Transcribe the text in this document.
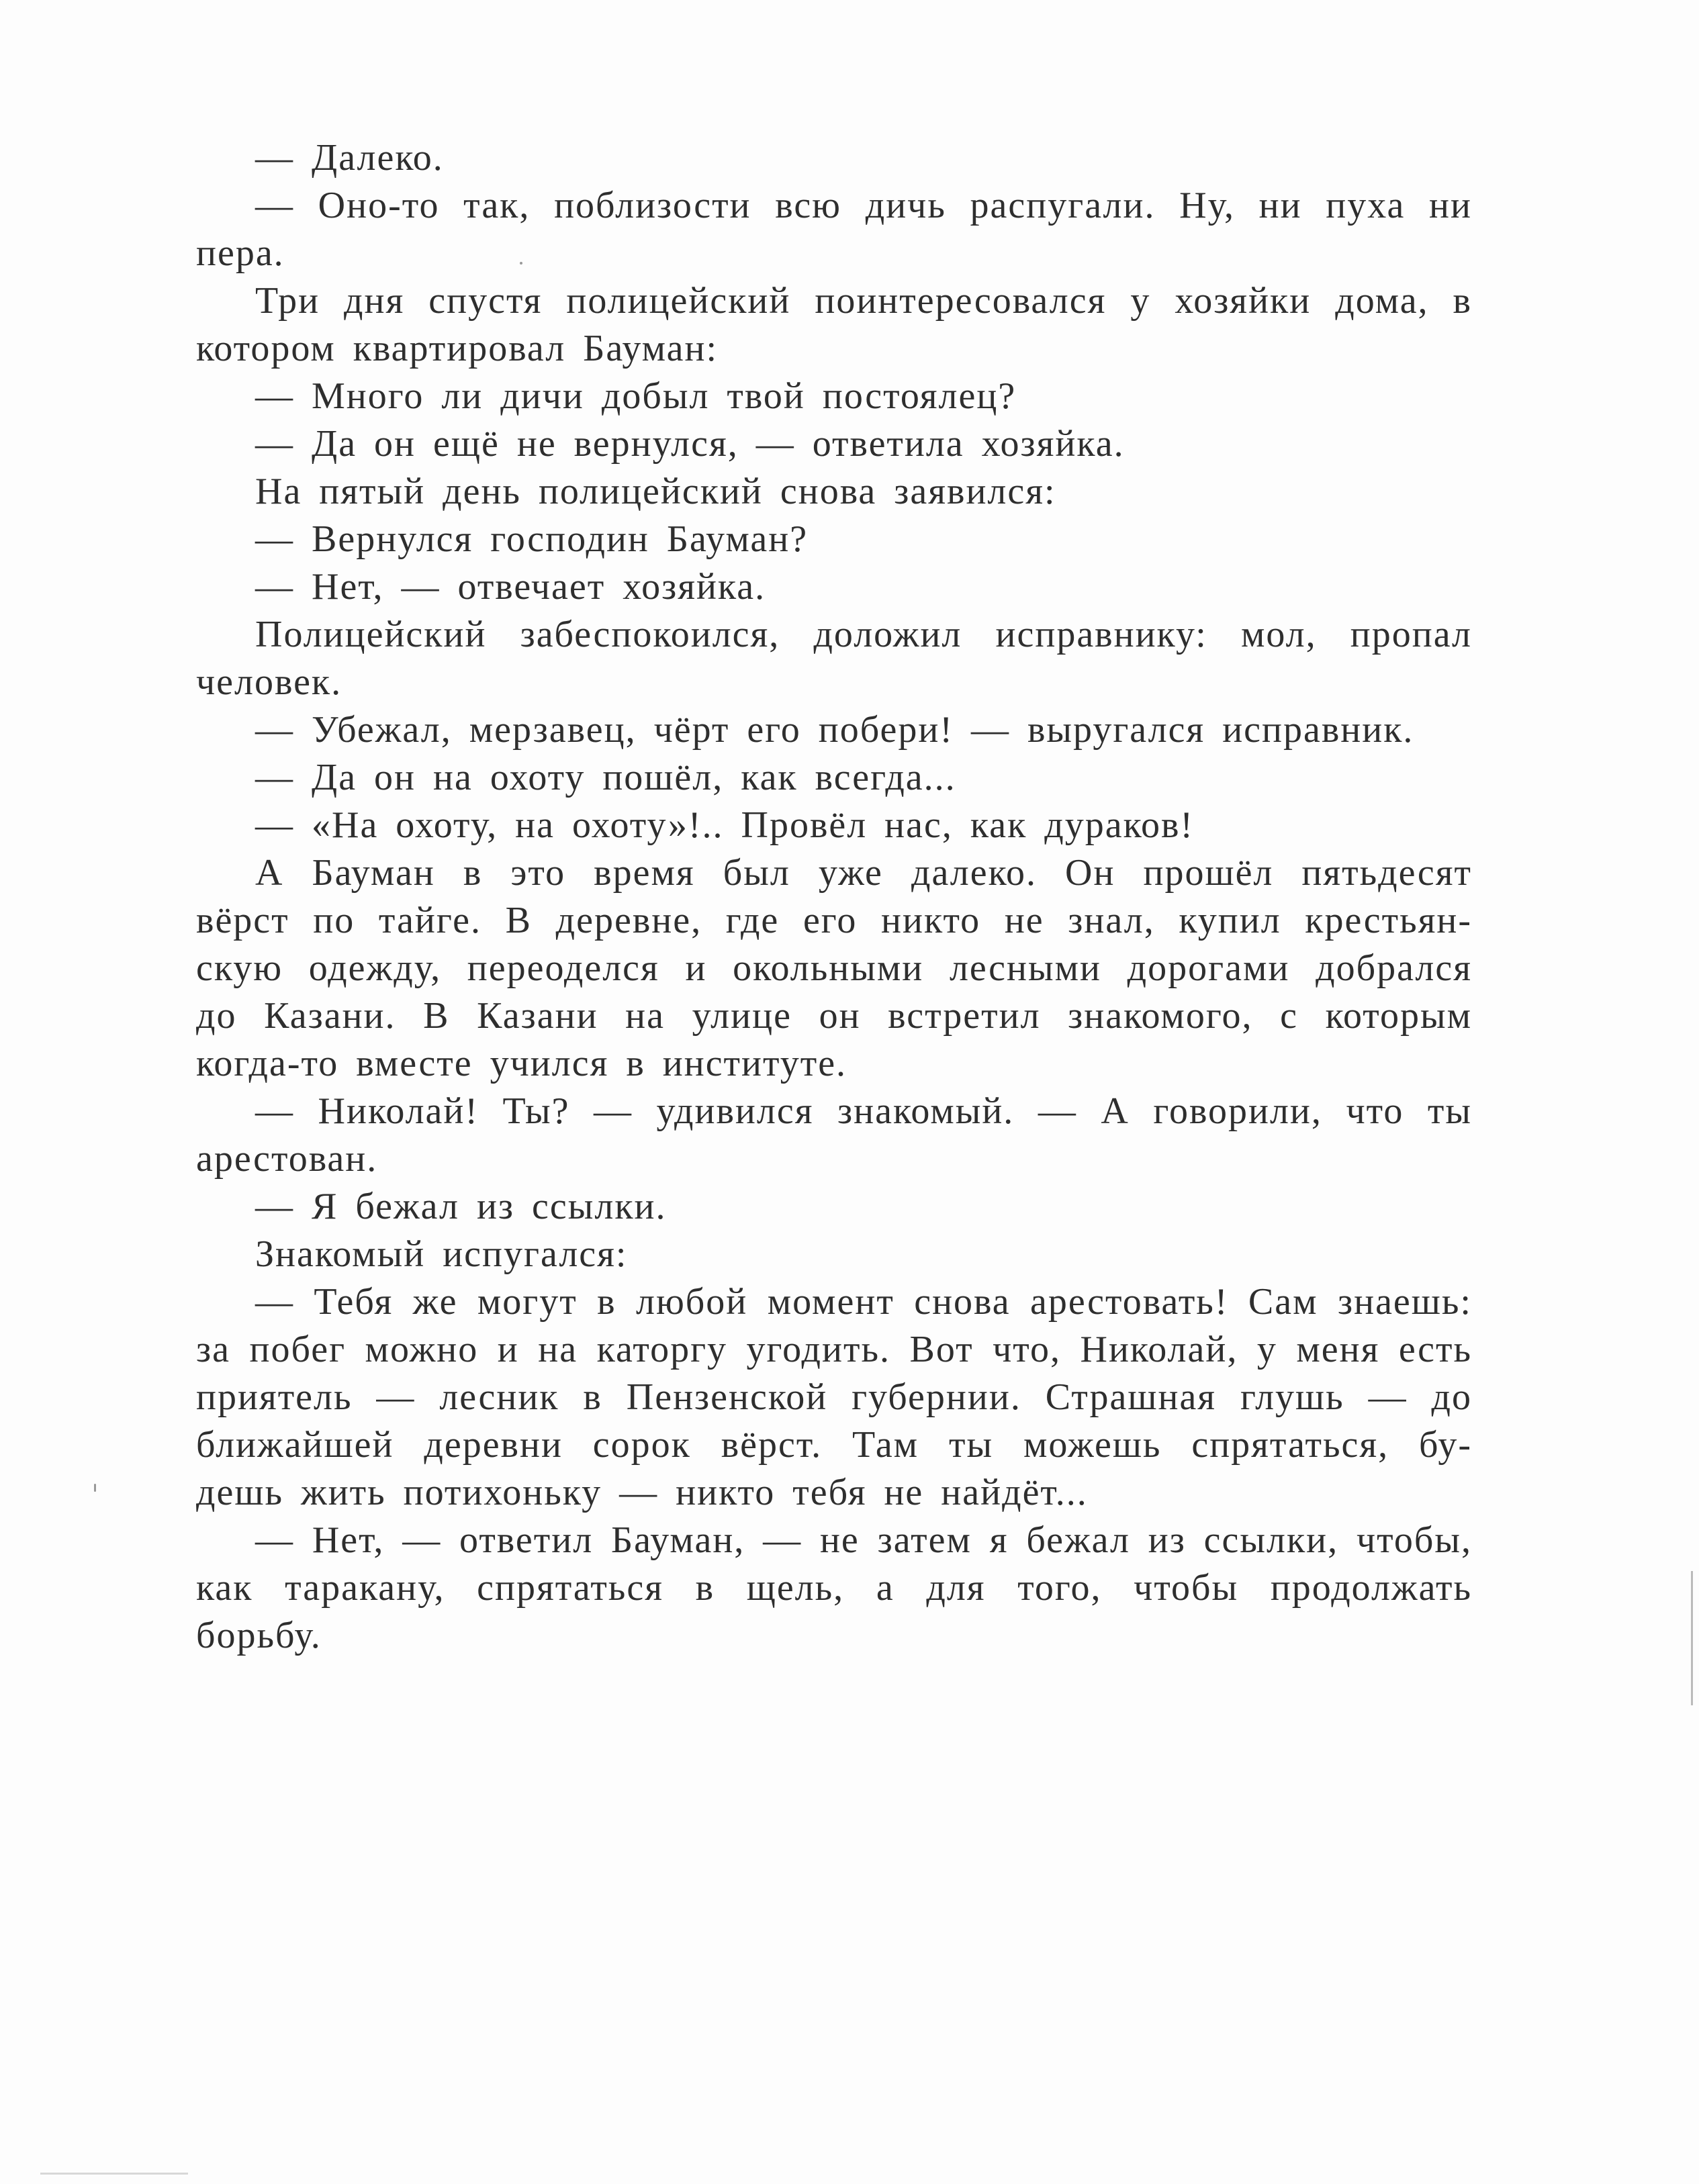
— Далеко.
— Оно-то так, поблизости всю дичь распугали. Ну, ни пуха ни
пера.
Три дня спустя полицейский поинтересовался у хозяйки дома, в
котором квартировал Бауман:
— Много ли дичи добыл твой постоялец?
— Да он ещё не вернулся, — ответила хозяйка.
На пятый день полицейский снова заявился:
— Вернулся господин Бауман?
— Нет, — отвечает хозяйка.
Полицейский забеспокоился, доложил исправнику: мол, пропал
человек.
— Убежал, мерзавец, чёрт его побери! — выругался исправник.
— Да он на охоту пошёл, как всегда...
— «На охоту, на охоту»!.. Провёл нас, как дураков!
А Бауман в это время был уже далеко. Он прошёл пятьдесят
вёрст по тайге. В деревне, где его никто не знал, купил крестьян-
скую одежду, переоделся и окольными лесными дорогами добрался
до Казани. В Казани на улице он встретил знакомого, с которым
когда-то вместе учился в институте.
— Николай! Ты? — удивился знакомый. — А говорили, что ты
арестован.
— Я бежал из ссылки.
Знакомый испугался:
— Тебя же могут в любой момент снова арестовать! Сам знаешь:
за побег можно и на каторгу угодить. Вот что, Николай, у меня есть
приятель — лесник в Пензенской губернии. Страшная глушь — до
ближайшей деревни сорок вёрст. Там ты можешь спрятаться, бу-
дешь жить потихоньку — никто тебя не найдёт...
— Нет, — ответил Бауман, — не затем я бежал из ссылки, чтобы,
как таракану, спрятаться в щель, а для того, чтобы продолжать
борьбу.
